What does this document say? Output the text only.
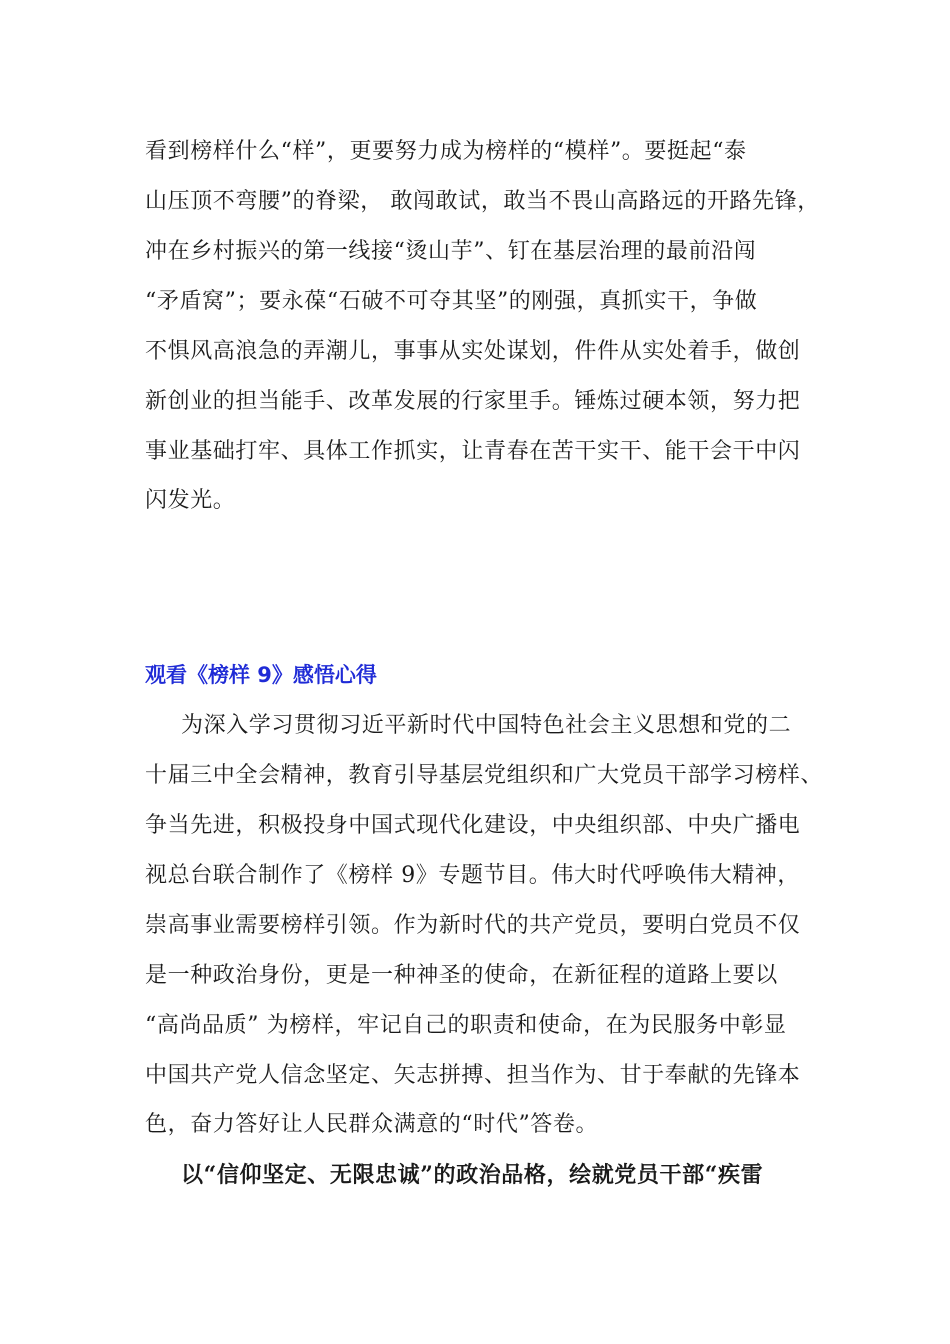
看到榜样什么“样”，更要努力成为榜样的“模样”。要挺起“泰
山压顶不弯腰”的脊梁， 敢闯敢试，敢当不畏山高路远的开路先锋，
冲在乡村振兴的第一线接“烫山芋”、钉在基层治理的最前沿闯
“矛盾窝”；要永葆“石破不可夺其坚”的刚强，真抓实干，争做
不惧风高浪急的弄潮儿，事事从实处谋划，件件从实处着手，做创
新创业的担当能手、改革发展的行家里手。锤炼过硬本领，努力把
事业基础打牢、具体工作抓实，让青春在苦干实干、能干会干中闪
闪发光。
观看《榜样 9》感悟心得
为深入学习贯彻习近平新时代中国特色社会主义思想和党的二
十届三中全会精神，教育引导基层党组织和广大党员干部学习榜样、
争当先进，积极投身中国式现代化建设，中央组织部、中央广播电
视总台联合制作了《榜样 9》专题节目。伟大时代呼唤伟大精神，
崇高事业需要榜样引领。作为新时代的共产党员，要明白党员不仅
是一种政治身份，更是一种神圣的使命，在新征程的道路上要以
“高尚品质” 为榜样，牢记自己的职责和使命，在为民服务中彰显
中国共产党人信念坚定、矢志拼搏、担当作为、甘于奉献的先锋本
色，奋力答好让人民群众满意的“时代”答卷。
以“信仰坚定、无限忠诚”的政治品格，绘就党员干部“疾雷
